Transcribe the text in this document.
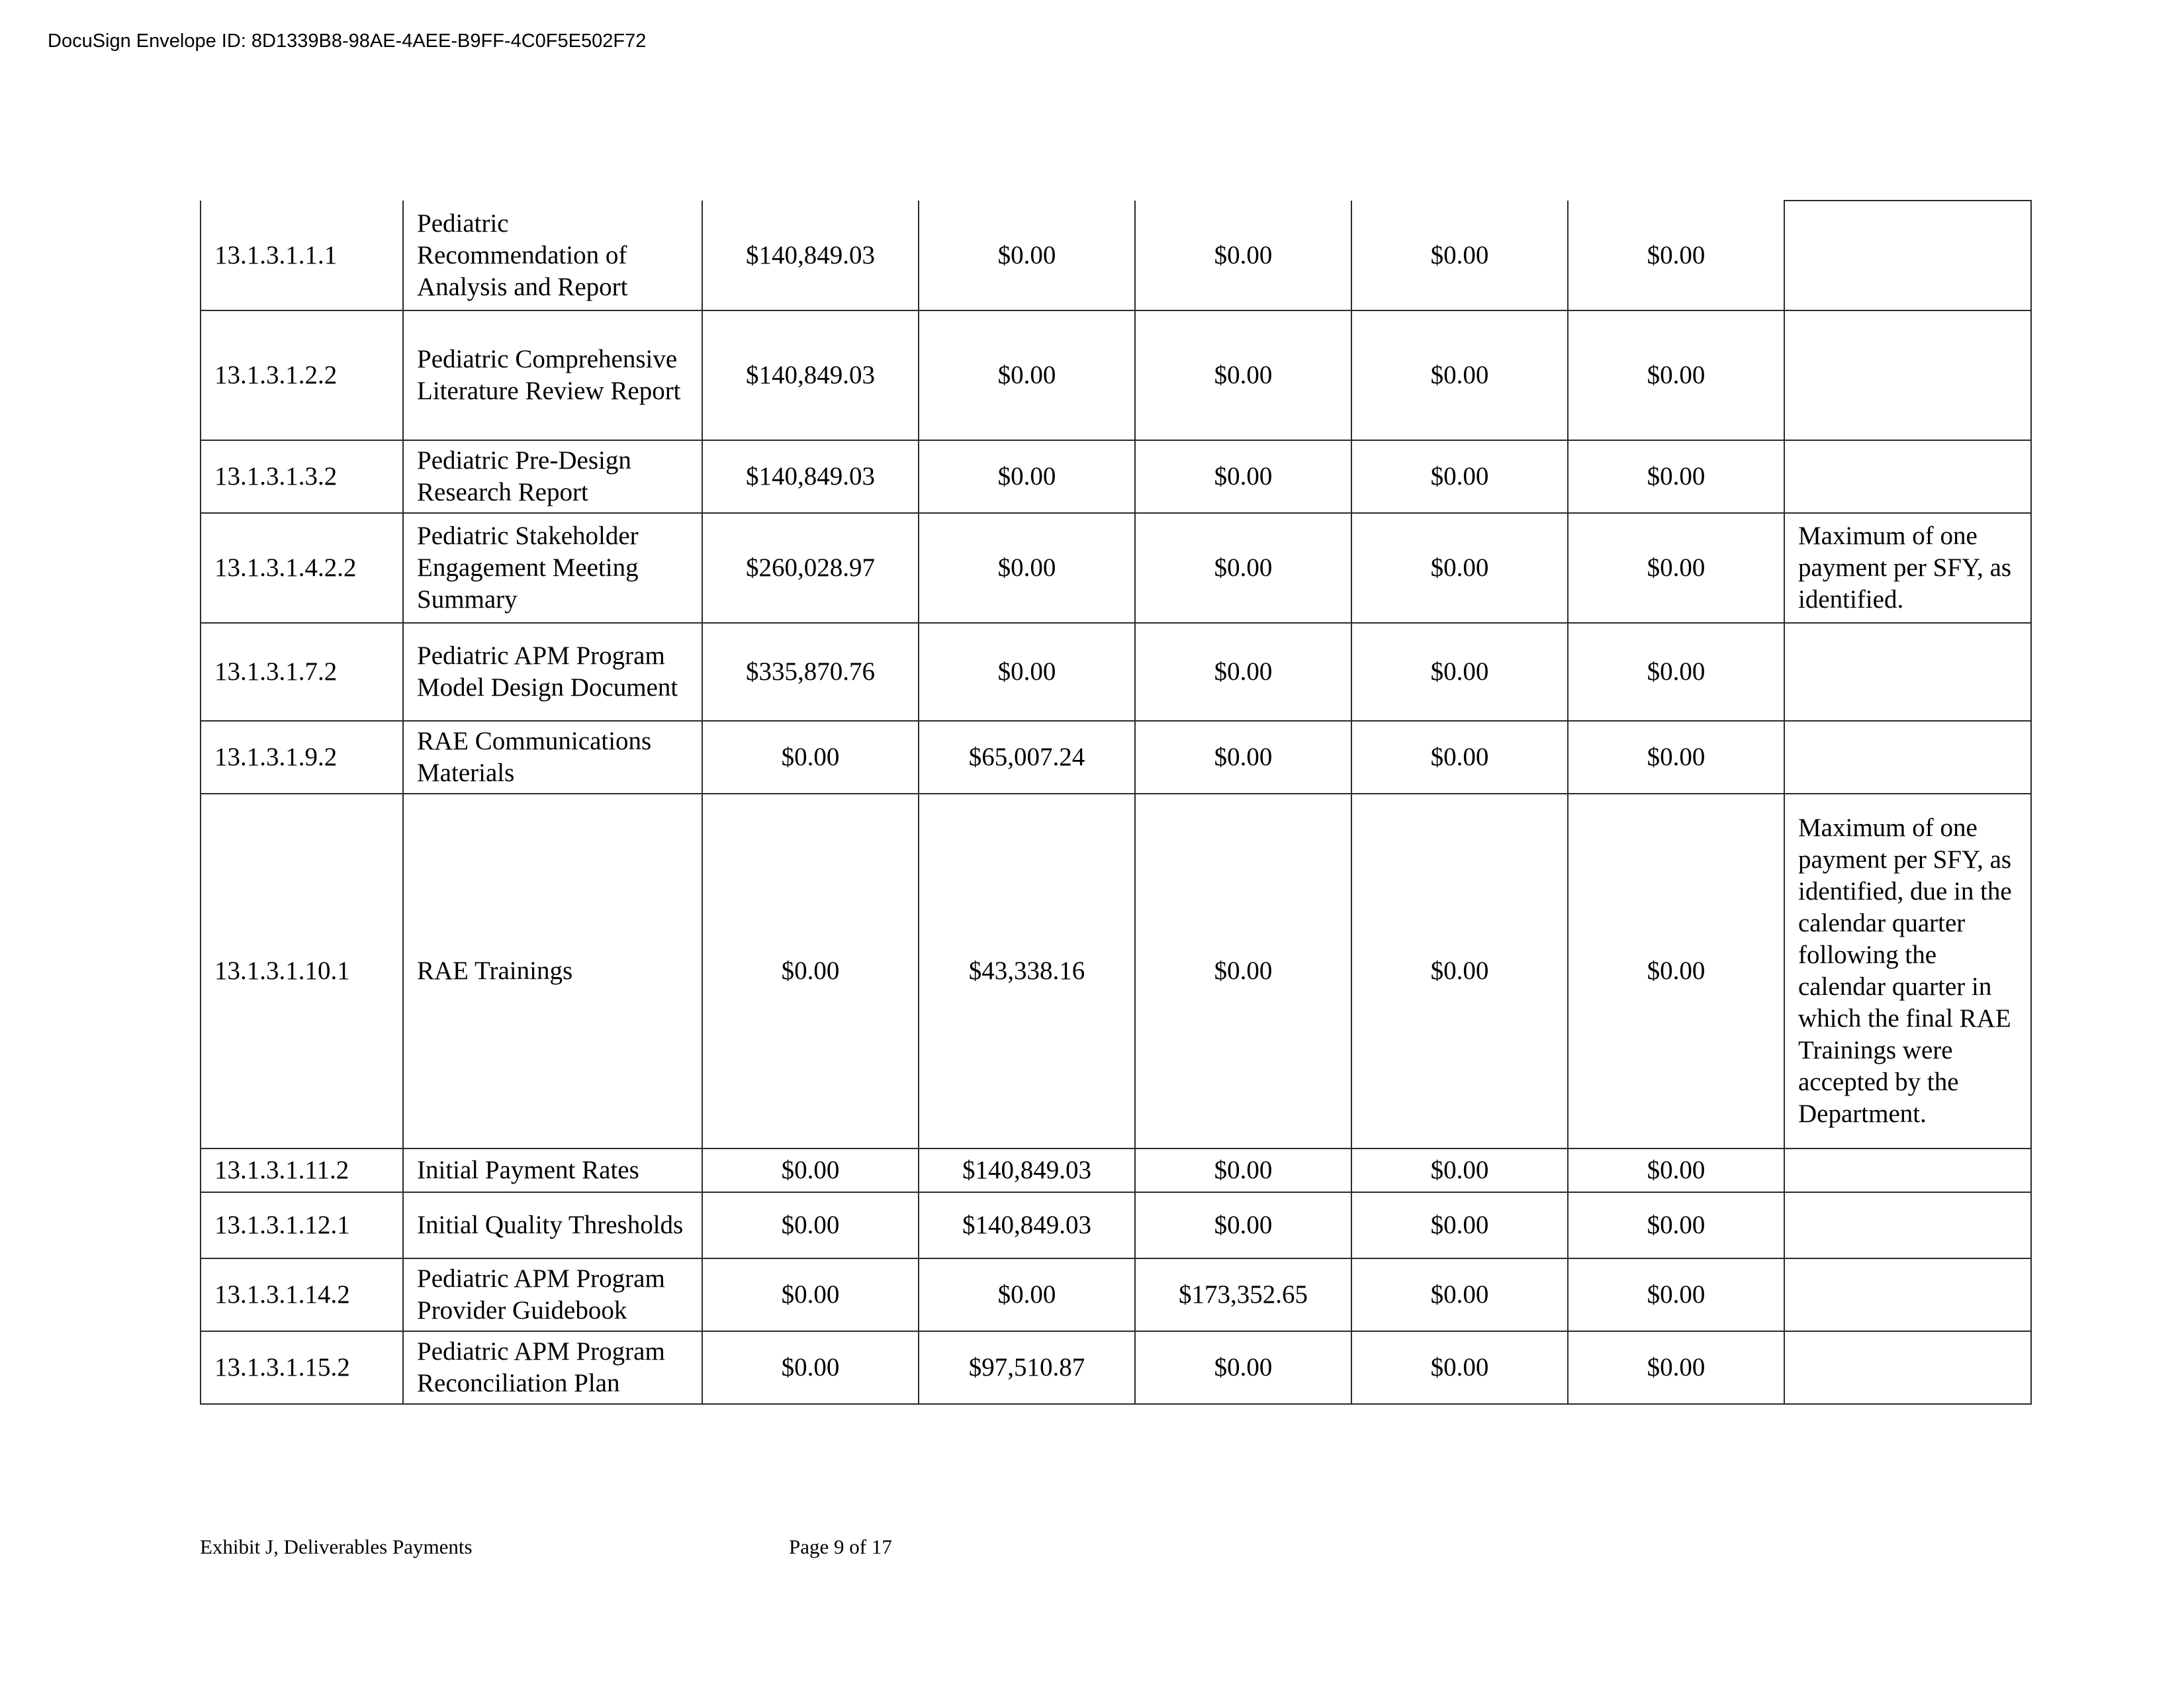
DocuSign Envelope ID: 8D1339B8-98AE-4AEE-B9FF-4C0F5E502F72
13.1.3.1.1.1	Pediatric Recommendation of Analysis and Report	$140,849.03	$0.00	$0.00	$0.00	$0.00	
13.1.3.1.2.2	Pediatric Comprehensive Literature Review Report	$140,849.03	$0.00	$0.00	$0.00	$0.00	
13.1.3.1.3.2	Pediatric Pre-Design Research Report	$140,849.03	$0.00	$0.00	$0.00	$0.00	
13.1.3.1.4.2.2	Pediatric Stakeholder Engagement Meeting Summary	$260,028.97	$0.00	$0.00	$0.00	$0.00	Maximum of one payment per SFY, as identified.
13.1.3.1.7.2	Pediatric APM Program Model Design Document	$335,870.76	$0.00	$0.00	$0.00	$0.00	
13.1.3.1.9.2	RAE Communications Materials	$0.00	$65,007.24	$0.00	$0.00	$0.00	
13.1.3.1.10.1	RAE Trainings	$0.00	$43,338.16	$0.00	$0.00	$0.00	Maximum of one payment per SFY, as identified, due in the calendar quarter following the calendar quarter in which the final RAE Trainings were accepted by the Department.
13.1.3.1.11.2	Initial Payment Rates	$0.00	$140,849.03	$0.00	$0.00	$0.00	
13.1.3.1.12.1	Initial Quality Thresholds	$0.00	$140,849.03	$0.00	$0.00	$0.00	
13.1.3.1.14.2	Pediatric APM Program Provider Guidebook	$0.00	$0.00	$173,352.65	$0.00	$0.00	
13.1.3.1.15.2	Pediatric APM Program Reconciliation Plan	$0.00	$97,510.87	$0.00	$0.00	$0.00	
Exhibit J, Deliverables Payments	Page 9 of 17
